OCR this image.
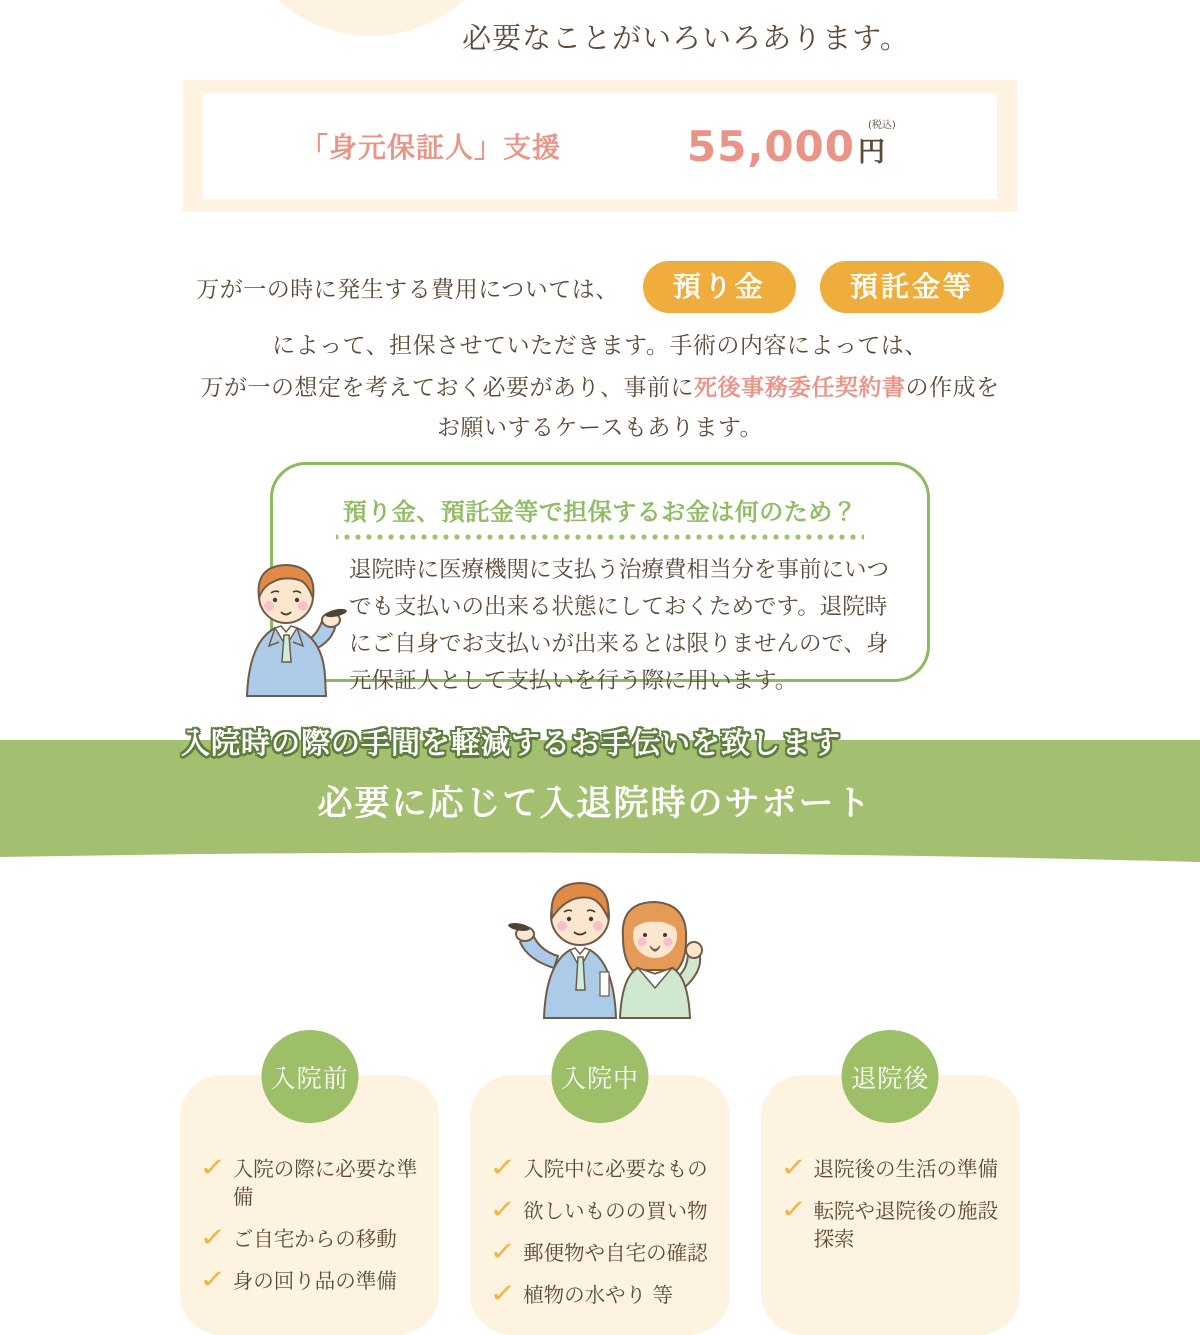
必要なことがいろいろあります。
「身元保証人」支援	55,000 (税込)
円
万が一の時に発生する費用については、	預り金	預託金等
によって、担保させていただきます。手術の内容によっては、
万が一の想定を考えておく必要があり、事前に死後事務委任契約書の作成を
お願いするケースもあります。
預り金、預託金等で担保するお金は何のため？
退院時に医療機関に支払う治療費相当分を事前にいつでも支払いの出来る状態にしておくためです。退院時にご自身でお支払いが出来るとは限りませんので、身元保証人として支払いを行う際に用います。
入院時の際の手間を軽減するお手伝いを致します
必要に応じて入退院時のサポート
入院前
✓ 入院の際に必要な準備
✓ ご自宅からの移動
✓ 身の回り品の準備
入院中
✓ 入院中に必要なもの
✓ 欲しいものの買い物
✓ 郵便物や自宅の確認
✓ 植物の水やり 等
退院後
✓ 退院後の生活の準備
✓ 転院や退院後の施設探索
